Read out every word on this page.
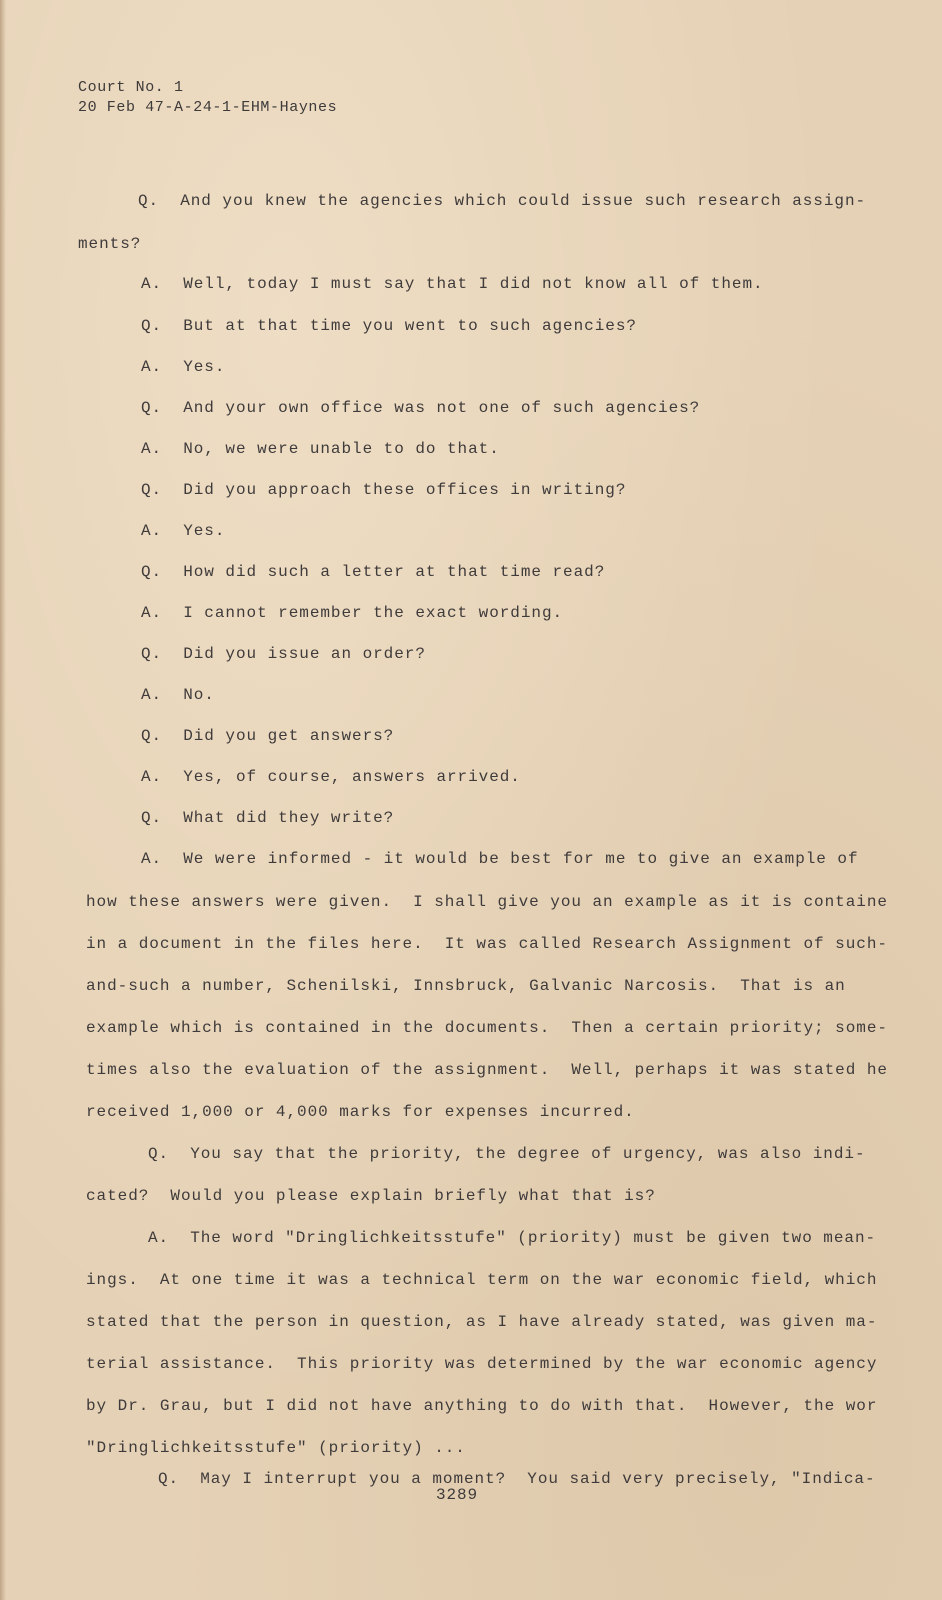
Court No. 1
20 Feb 47-A-24-1-EHM-Haynes
Q.  And you knew the agencies which could issue such research assign-
ments?
A.  Well, today I must say that I did not know all of them.
Q.  But at that time you went to such agencies?
A.  Yes.
Q.  And your own office was not one of such agencies?
A.  No, we were unable to do that.
Q.  Did you approach these offices in writing?
A.  Yes.
Q.  How did such a letter at that time read?
A.  I cannot remember the exact wording.
Q.  Did you issue an order?
A.  No.
Q.  Did you get answers?
A.  Yes, of course, answers arrived.
Q.  What did they write?
A.  We were informed - it would be best for me to give an example of
how these answers were given.  I shall give you an example as it is containe
in a document in the files here.  It was called Research Assignment of such-
and-such a number, Schenilski, Innsbruck, Galvanic Narcosis.  That is an
example which is contained in the documents.  Then a certain priority; some-
times also the evaluation of the assignment.  Well, perhaps it was stated he
received 1,000 or 4,000 marks for expenses incurred.
Q.  You say that the priority, the degree of urgency, was also indi-
cated?  Would you please explain briefly what that is?
A.  The word "Dringlichkeitsstufe" (priority) must be given two mean-
ings.  At one time it was a technical term on the war economic field, which
stated that the person in question, as I have already stated, was given ma-
terial assistance.  This priority was determined by the war economic agency
by Dr. Grau, but I did not have anything to do with that.  However, the wor
"Dringlichkeitsstufe" (priority) ...
Q.  May I interrupt you a moment?  You said very precisely, "Indica-
3289
